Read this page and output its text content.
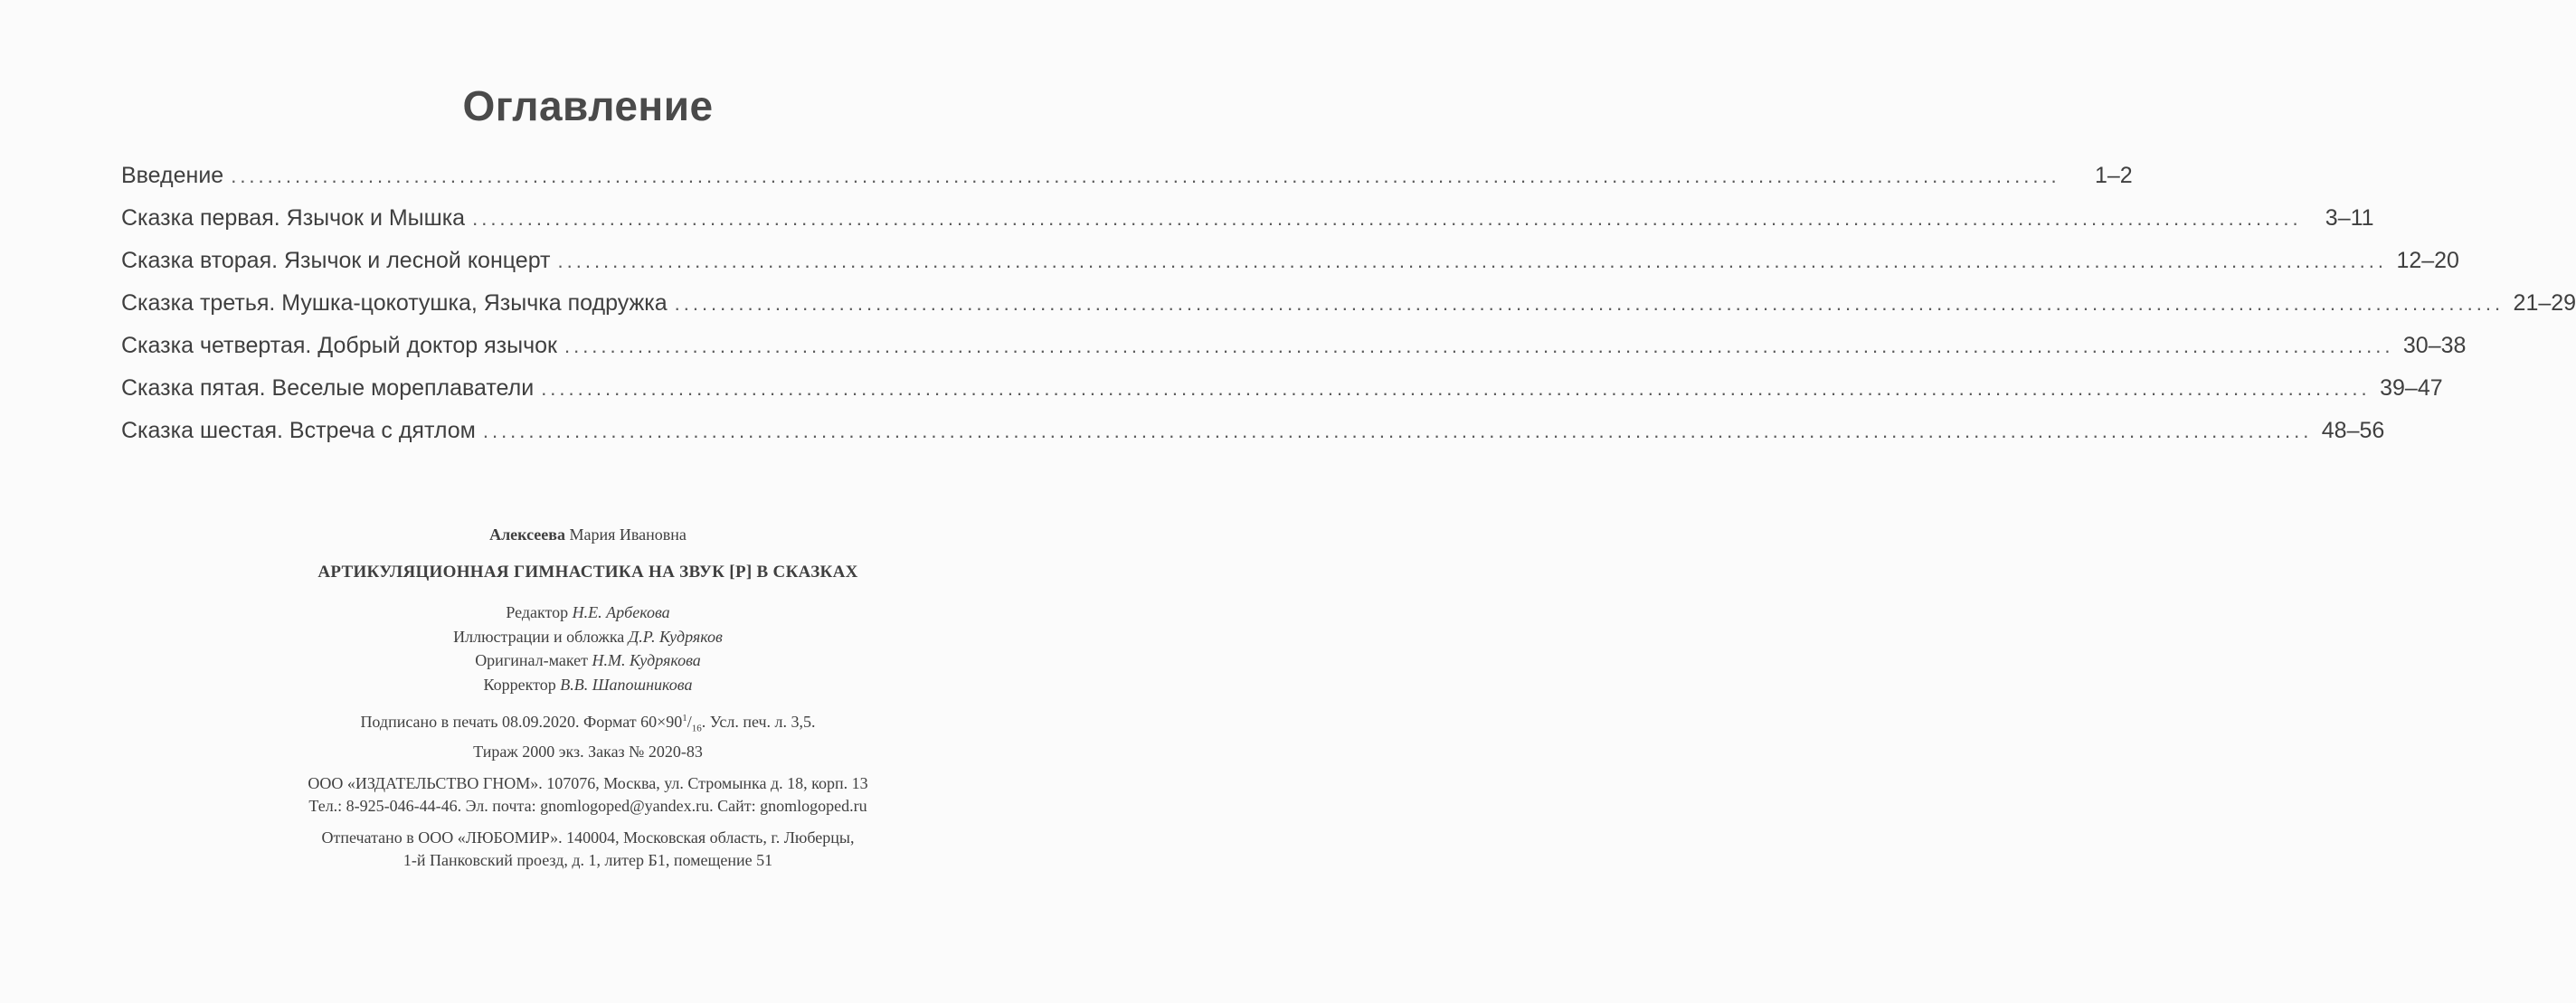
Оглавление
Введение ........................................................................................................................................................................................................	1–2
Сказка первая. Язычок и Мышка ........................................................................................................................................................................................................	3–11
Сказка вторая. Язычок и лесной концерт ........................................................................................................................................................................................................ 12–20
Сказка третья. Мушка-цокотушка, Язычка подружка ........................................................................................................................................................................................................ 21–29
Сказка четвертая. Добрый доктор язычок ........................................................................................................................................................................................................ 30–38
Сказка пятая. Веселые мореплаватели ........................................................................................................................................................................................................ 39–47
Сказка шестая. Встреча с дятлом ........................................................................................................................................................................................................ 48–56
Алексеева Мария Ивановна
АРТИКУЛЯЦИОННАЯ ГИМНАСТИКА НА ЗВУК [Р] В СКАЗКАХ
Редактор Н.Е. Арбекова
Иллюстрации и обложка Д.Р. Кудряков
Оригинал-макет Н.М. Кудрякова
Корректор В.В. Шапошникова
Подписано в печать 08.09.2020. Формат $60\times 90^1/_{16}$. Усл. печ. л. 3,5.
Тираж 2000 экз. Заказ № 2020-83
ООО «ИЗДАТЕЛЬСТВО ГНОМ». 107076, Москва, ул. Стромынка д. 18, корп. 13
Тел.: 8-925-046-44-46. Эл. почта: gnomlogoped@yandex.ru. Сайт: gnomlogoped.ru
Отпечатано в ООО «ЛЮБОМИР». 140004, Московская область, г. Люберцы,
1-й Панковский проезд, д. 1, литер Б1, помещение 51
